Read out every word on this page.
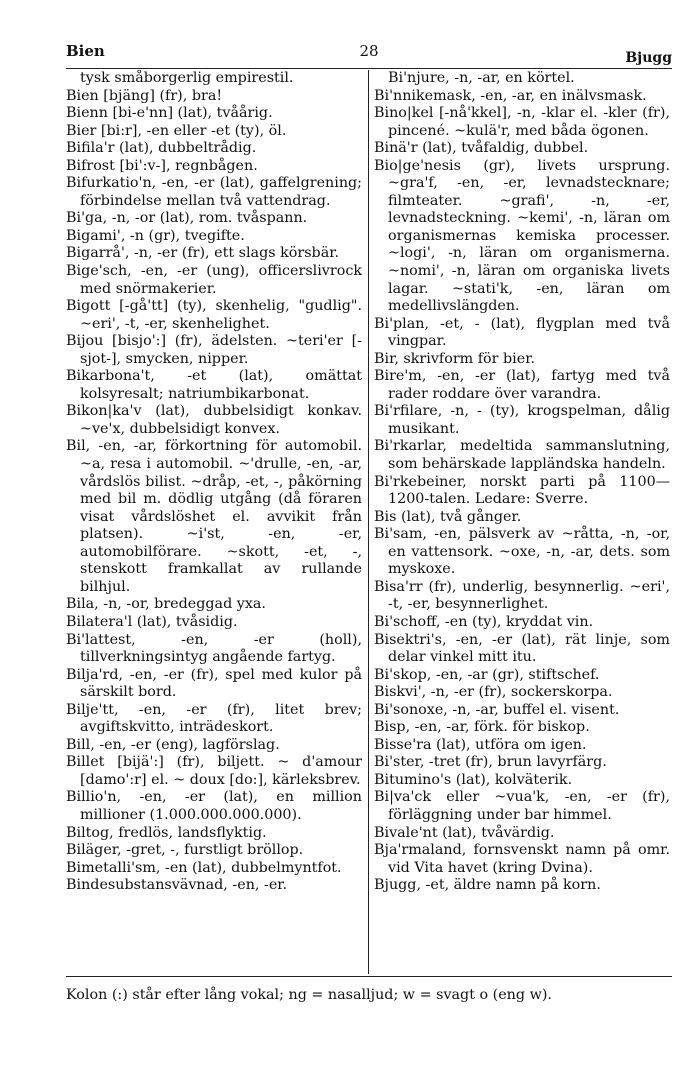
Bien	28	Bjugg

tysk småborgerlig empirestil.

Bien [bjäng] (fr), bra!

Bienn [bi-e'nn] (lat), tvåårig.

Bier [bi:r], -en eller -et (ty), öl.

Bifila'r (lat), dubbeltrådig.

Bifrost [bi':v-], regnbågen.

Bifurkatio'n, -en, -er (lat), gaffelgrening; förbindelse mellan två vattendrag.

Bi'ga, -n, -or (lat), rom. tvåspann.

Bigami', -n (gr), tvegifte.

Bigarrå', -n, -er (fr), ett slags körsbär.

Bige'sch, -en, -er (ung), officerslivrock med snörmakerier.

Bigott [-gå'tt] (ty), skenhelig, "gudlig". ~eri', -t, -er, skenhelighet.

Bijou [bisjo':] (fr), ädelsten. ~teri'er [-sjot-], smycken, nipper.

Bikarbona't, -et (lat), omättat kolsyresalt; natriumbikarbonat.

Bikon|ka'v (lat), dubbelsidigt konkav. ~ve'x, dubbelsidigt konvex.

Bil, -en, -ar, förkortning för automobil. ~a, resa i automobil. ~'drulle, -en, -ar, vårdslös bilist. ~dråp, -et, -, påkörning med bil m. dödlig utgång (då föraren visat vårdslöshet el. avvikit från platsen). ~i'st, -en, -er, automobilförare. ~skott, -et, -, stenskott framkallat av rullande bilhjul.

Bila, -n, -or, bredeggad yxa.

Bilatera'l (lat), tvåsidig.

Bi'lattest, -en, -er (holl), tillverkningsintyg angående fartyg.

Bilja'rd, -en, -er (fr), spel med kulor på särskilt bord.

Bilje'tt, -en, -er (fr), litet brev; avgiftskvitto, inträdeskort.

Bill, -en, -er (eng), lagförslag.

Billet [bijä':] (fr), biljett. ~ d'amour [damo':r] el. ~ doux [do:], kärleksbrev.

Billio'n, -en, -er (lat), en million millioner (1.000.000.000.000).

Biltog, fredlös, landsflyktig.

Biläger, -gret, -, furstligt bröllop.

Bimetalli'sm, -en (lat), dubbelmyntfot.

Bindesubstansvävnad, -en, -er.

Bi'njure, -n, -ar, en körtel.

Bi'nnikemask, -en, -ar, en inälvsmask.

Bino|kel [-nå'kkel], -n, -klar el. -kler (fr), pincené. ~kulä'r, med båda ögonen.

Binä'r (lat), tvåfaldig, dubbel.

Bio|ge'nesis (gr), livets ursprung. ~gra'f, -en, -er, levnadstecknare; filmteater. ~grafi', -n, -er, levnadsteckning. ~kemi', -n, läran om organismernas kemiska processer. ~logi', -n, läran om organismerna. ~nomi', -n, läran om organiska livets lagar. ~stati'k, -en, läran om medellivslängden.

Bi'plan, -et, - (lat), flygplan med två vingpar.

Bir, skrivform för bier.

Bire'm, -en, -er (lat), fartyg med två rader roddare över varandra.

Bi'rfilare, -n, - (ty), krogspelman, dålig musikant.

Bi'rkarlar, medeltida sammanslutning, som behärskade lappländska handeln.

Bi'rkebeiner, norskt parti på 1100—1200-talen. Ledare: Sverre.

Bis (lat), två gånger.

Bi'sam, -en, pälsverk av ~råtta, -n, -or, en vattensork. ~oxe, -n, -ar, dets. som myskoxe.

Bisa'rr (fr), underlig, besynnerlig. ~eri', -t, -er, besynnerlighet.

Bi'schoff, -en (ty), kryddat vin.

Bisektri's, -en, -er (lat), rät linje, som delar vinkel mitt itu.

Bi'skop, -en, -ar (gr), stiftschef.

Biskvi', -n, -er (fr), sockerskorpa.

Bi'sonoxe, -n, -ar, buffel el. visent.

Bisp, -en, -ar, förk. för biskop.

Bisse'ra (lat), utföra om igen.

Bi'ster, -tret (fr), brun lavyrfärg.

Bitumino's (lat), kolväterik.

Bi|va'ck eller ~vua'k, -en, -er (fr), förläggning under bar himmel.

Bivale'nt (lat), tvåvärdig.

Bja'rmaland, fornsvenskt namn på omr. vid Vita havet (kring Dvina).

Bjugg, -et, äldre namn på korn.

Kolon (:) står efter lång vokal; ng = nasalljud; w = svagt o (eng w).
